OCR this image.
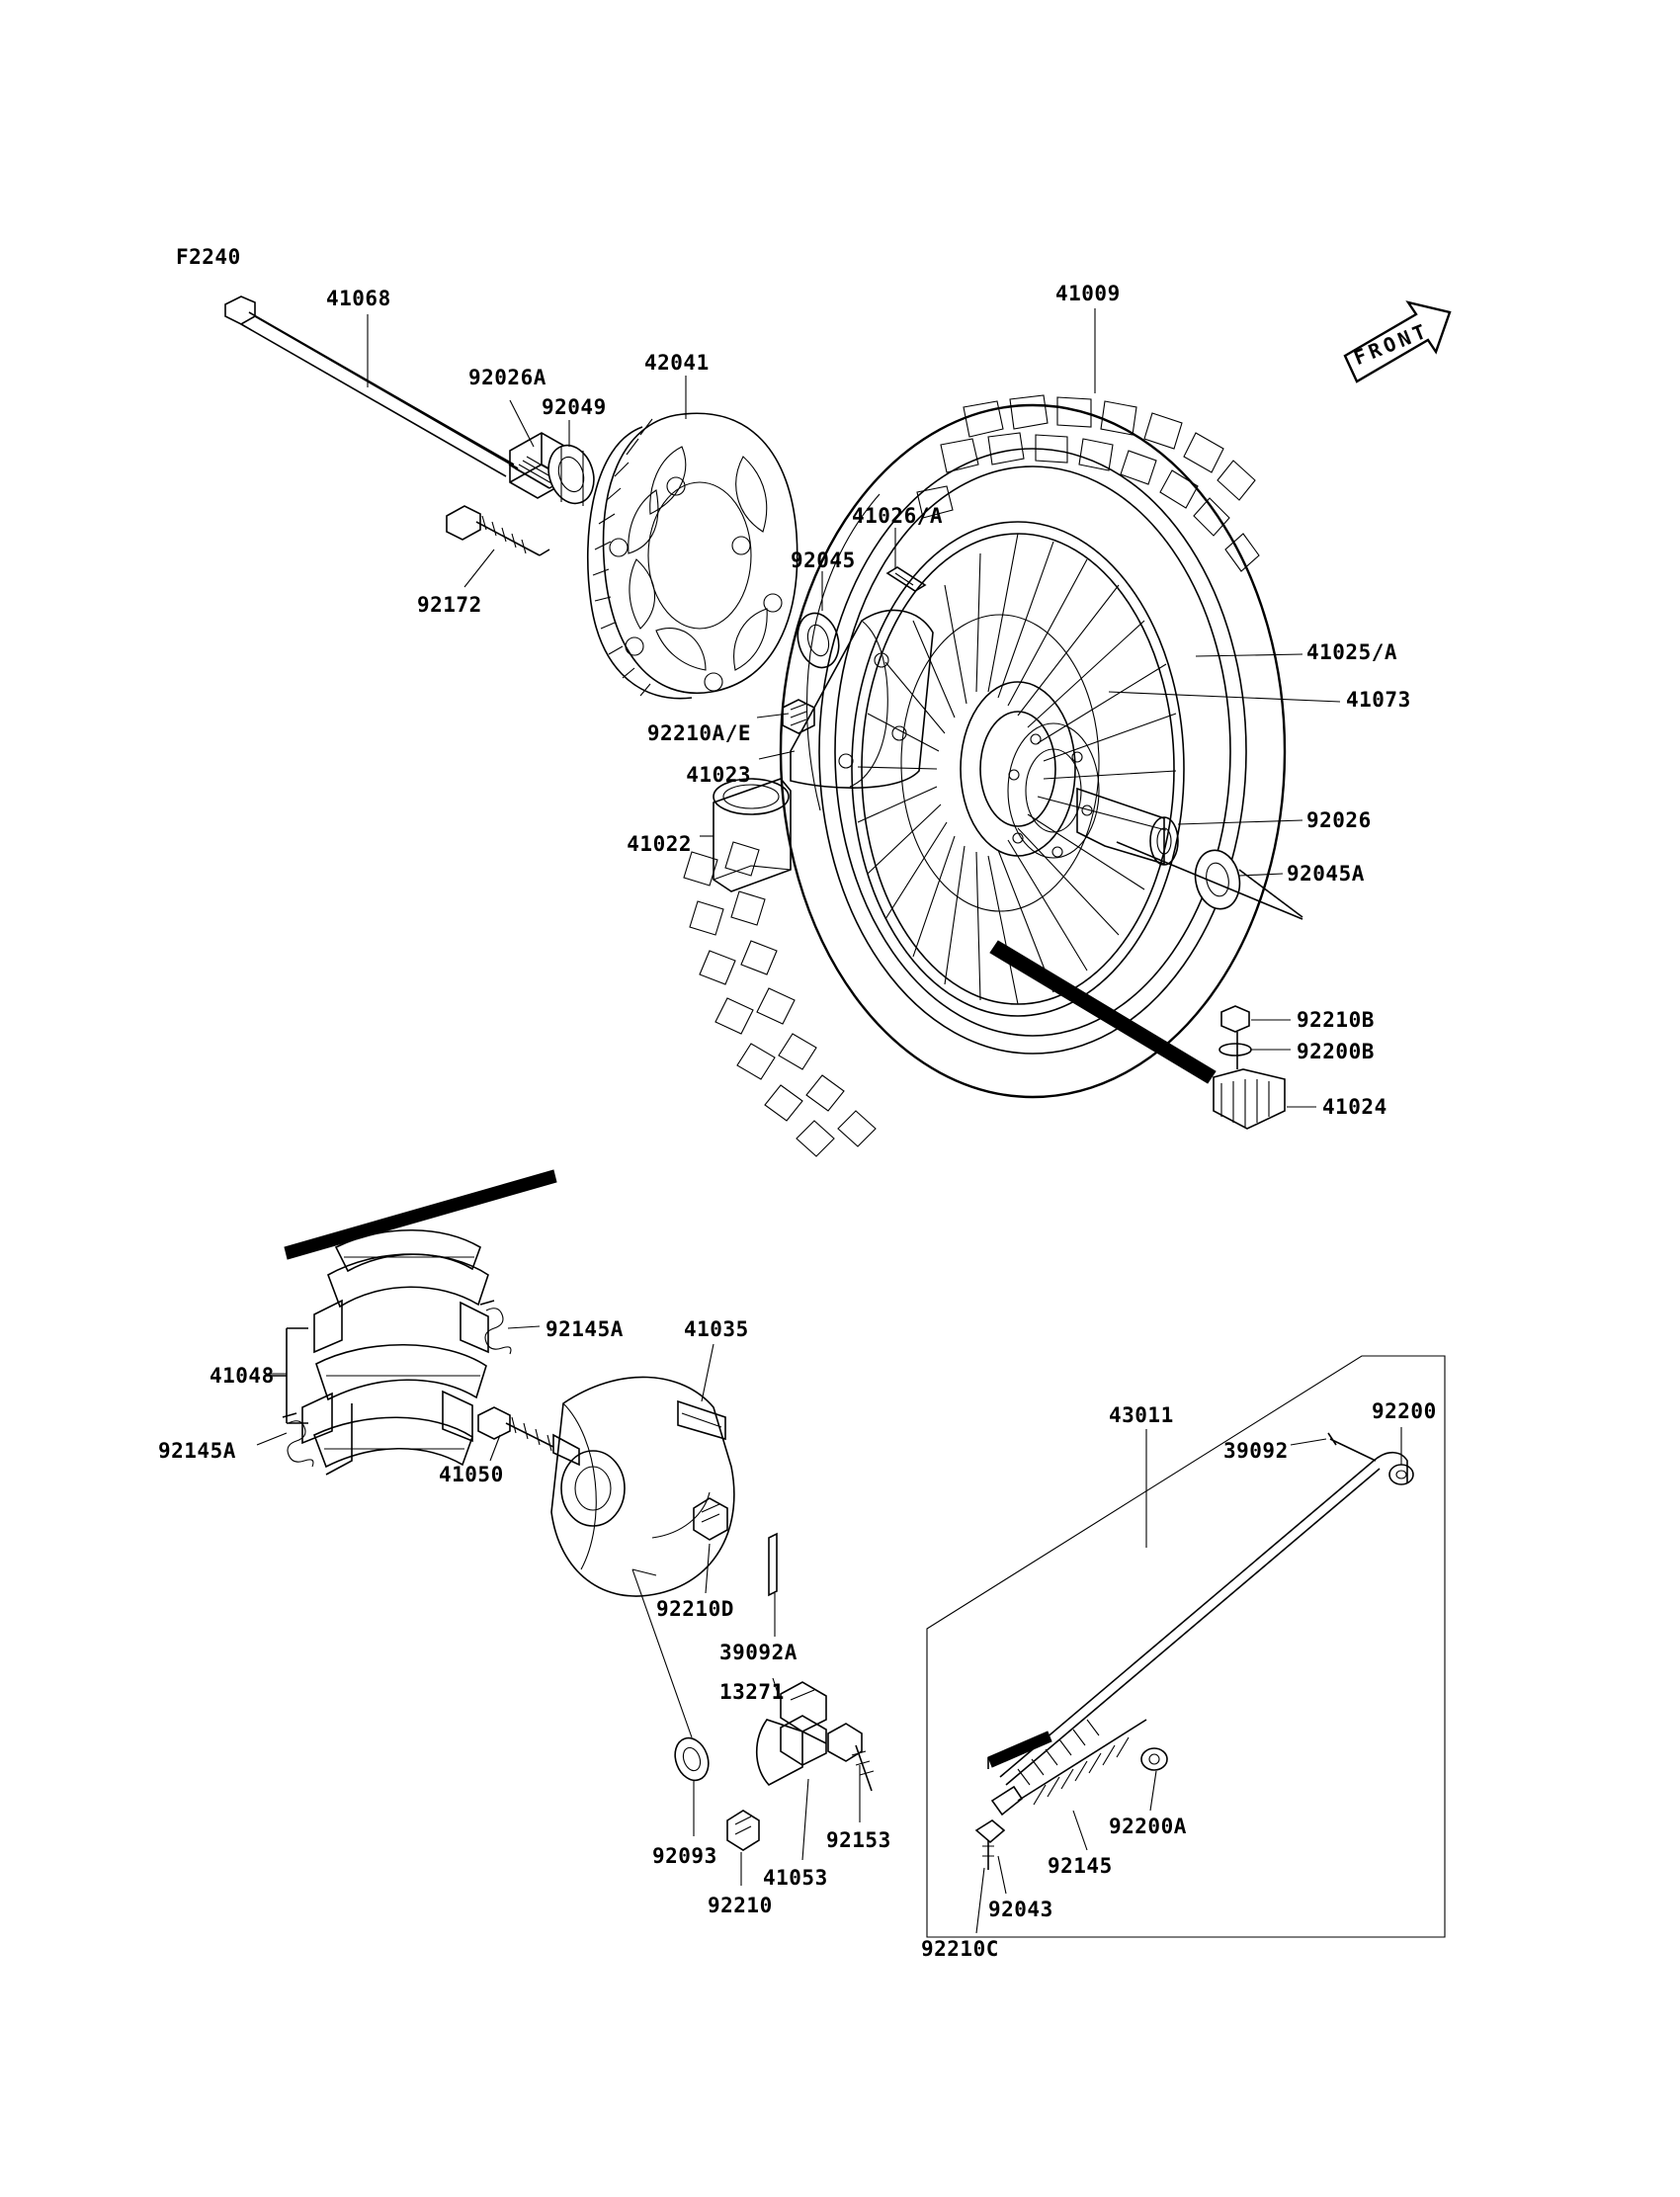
F2240
FRONT
41068
92026A
92049
42041
41009
92172
41026/A
92045
41025/A
41073
92210A/E
41023
41022
92026
92045A
92210B
92200B
41024
92145A	41035
41048
92145A
41050
92210D
39092A
13271
92093
92210
92153
41053
43011
39092
92200
92200A
92145
92043
92210C
